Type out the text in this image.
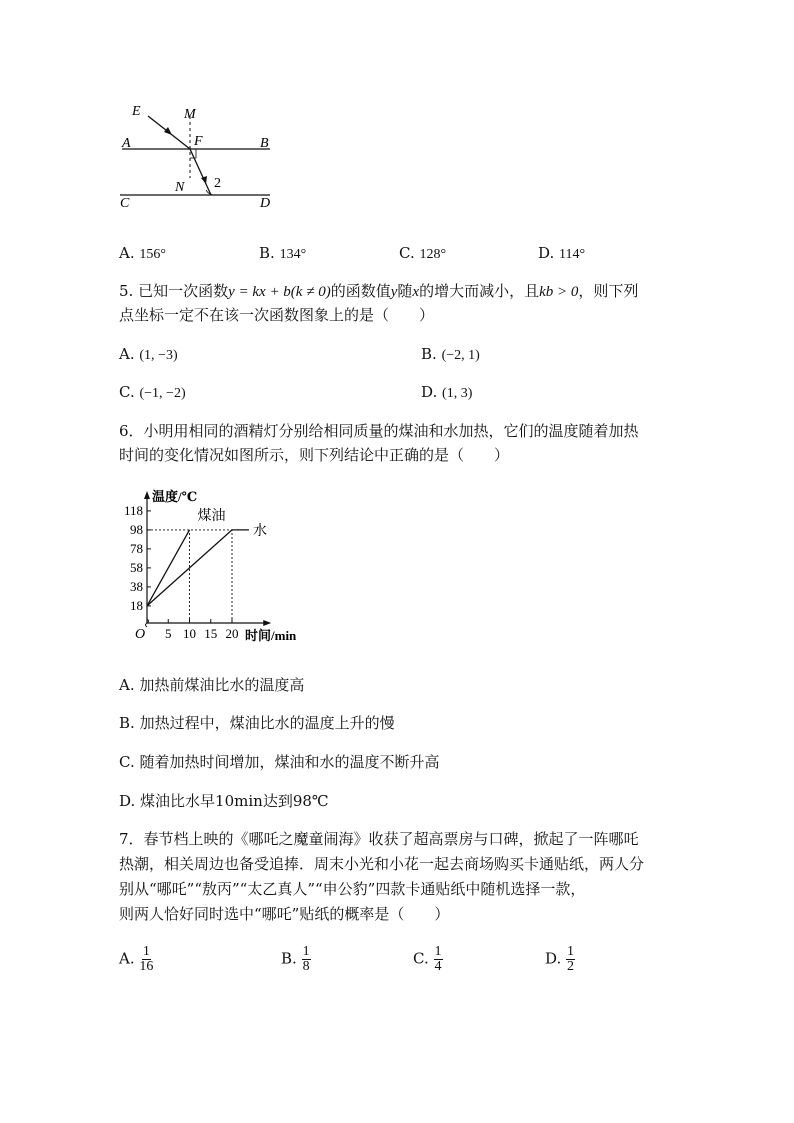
E	M
A	F	B
N 2
C	D
A. 156°	B. 134°	C. 128°	D. 114°
5. 已知一次函数y = kx + b(k ≠ 0)的函数值y随x的增大而减小，且kb > 0，则下列
点坐标一定不在该一次函数图象上的是（　　）
A. (1, −3)	B. (−2, 1)
C. (−1, −2)	D. (1, 3)
6．小明用相同的酒精灯分别给相同质量的煤油和水加热，它们的温度随着加热
时间的变化情况如图所示，则下列结论中正确的是（　　）
煤油
水
18
38
58
78
98
118
5 10 15 20
温度/℃
时间/min
O
A. 加热前煤油比水的温度高
B. 加热过程中，煤油比水的温度上升的慢
C. 随着加热时间增加，煤油和水的温度不断升高
D. 煤油比水早10min达到98℃
7．春节档上映的《哪吒之魔童闹海》收获了超高票房与口碑，掀起了一阵哪吒
热潮，相关周边也备受追捧．周末小光和小花一起去商场购买卡通贴纸，两人分
别从“哪吒”“敖丙”“太乙真人”“申公豹”四款卡通贴纸中随机选择一款，
则两人恰好同时选中“哪吒”贴纸的概率是（　　）
A. $\frac{1}{16}$	B. $\frac{1}{8}$	C. $\frac{1}{4}$	D. $\frac{1}{2}$
